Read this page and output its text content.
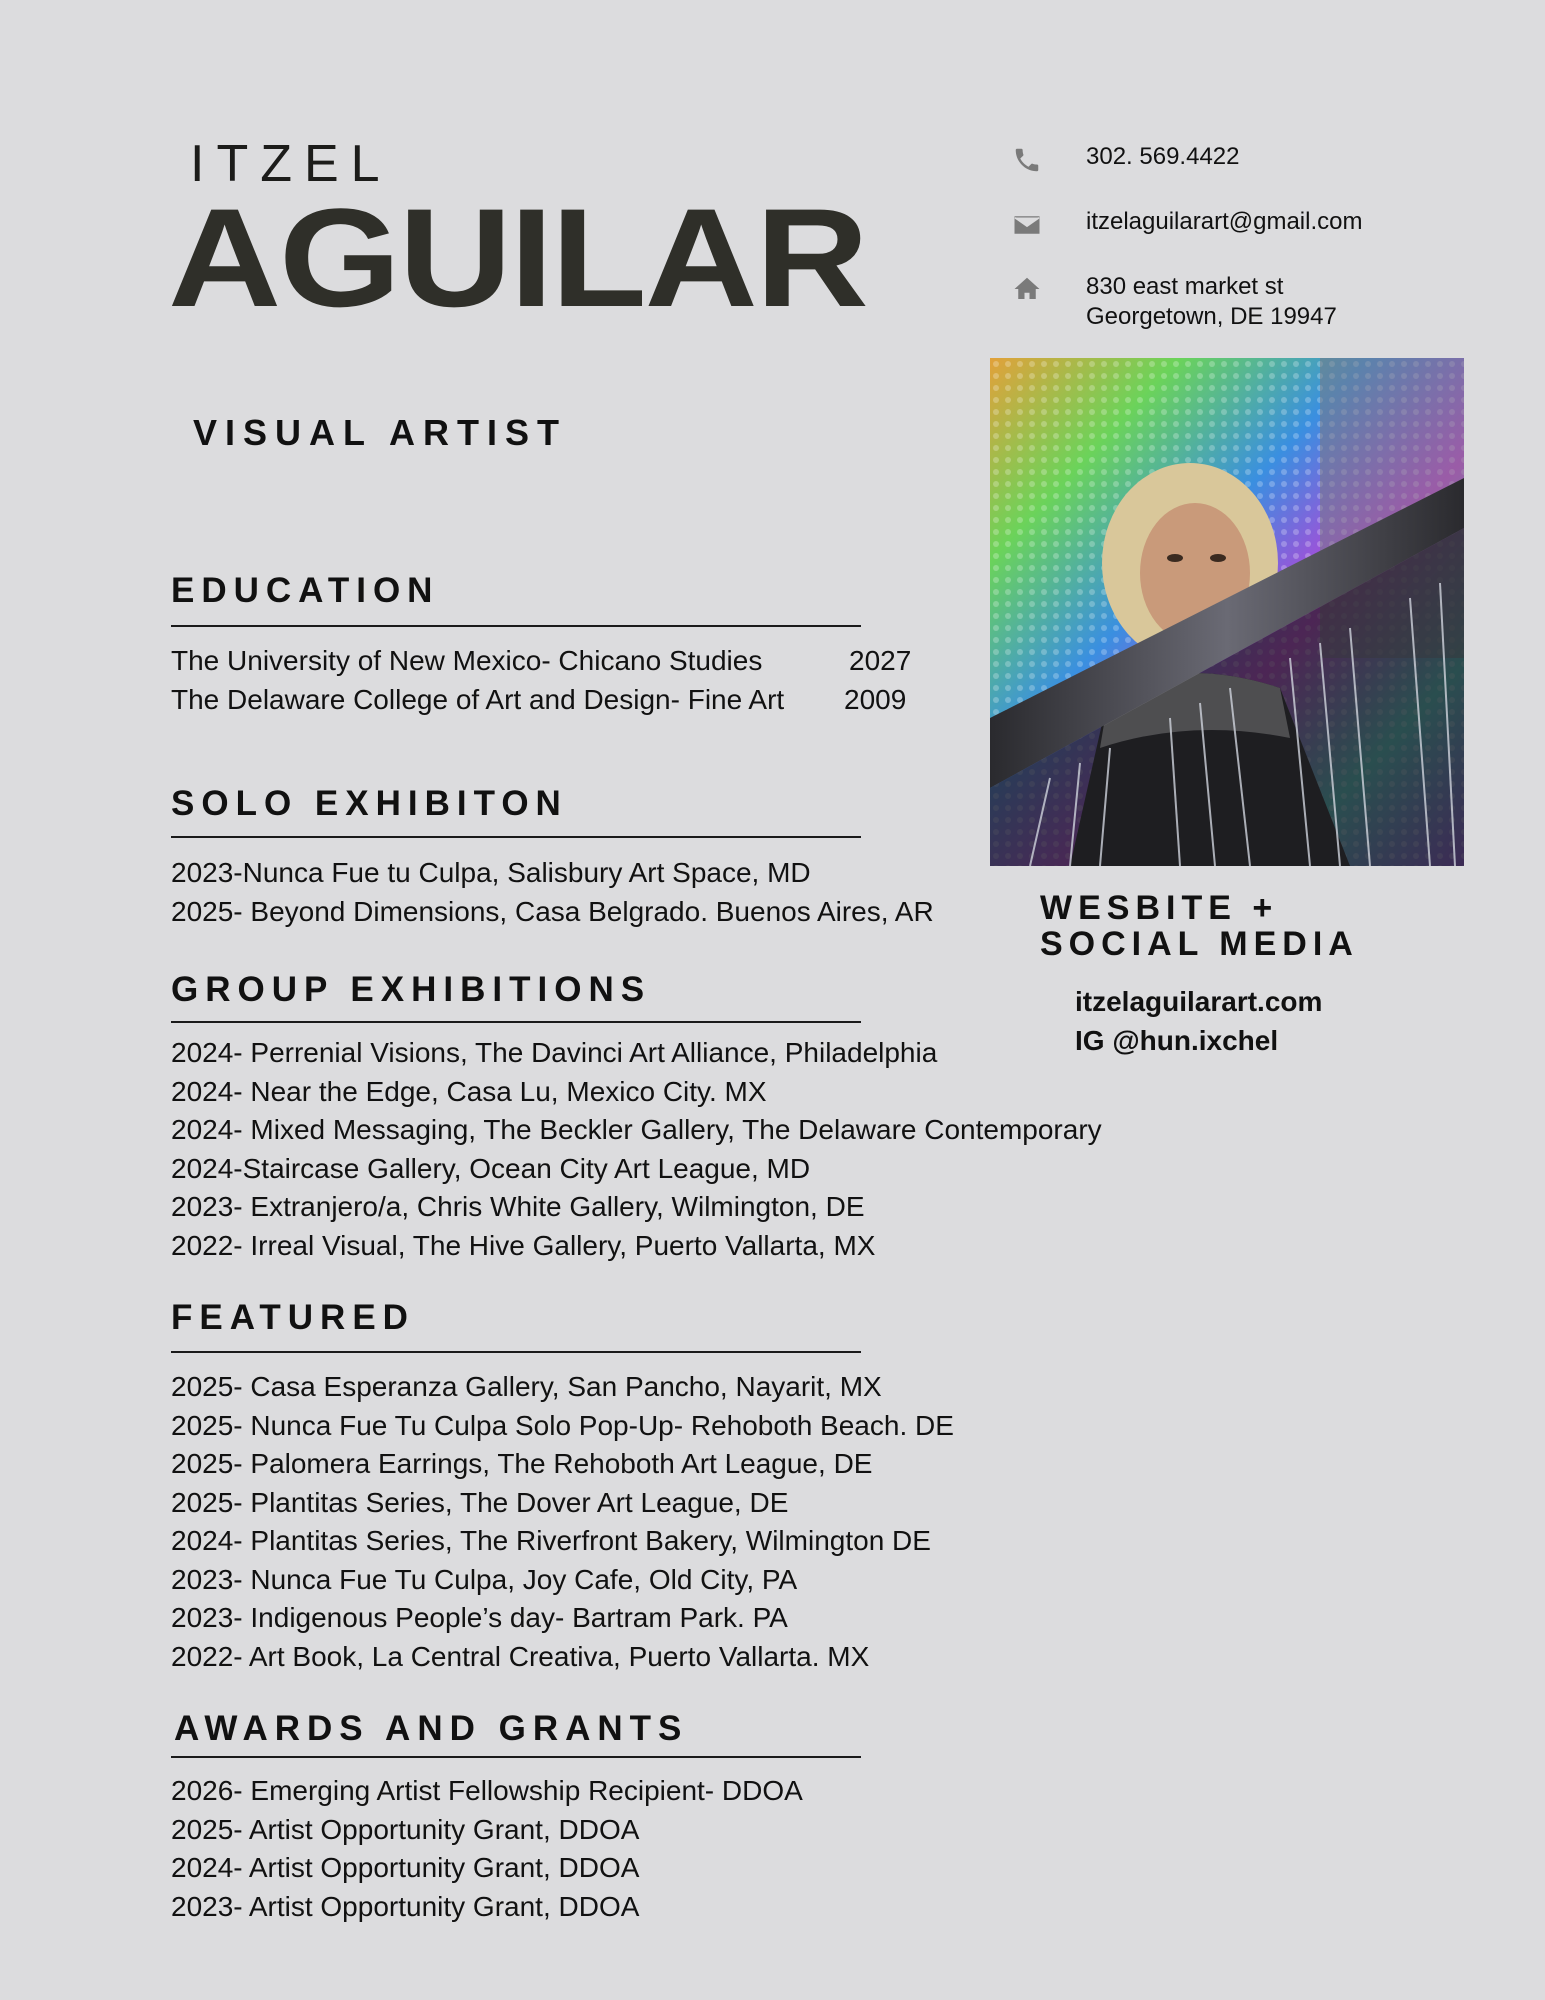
ITZEL
AGUILAR
VISUAL ARTIST
302. 569.4422
itzelaguilarart@gmail.com
830 east market st
Georgetown, DE 19947
WESBITE +
SOCIAL MEDIA
itzelaguilarart.com
IG @hun.ixchel
EDUCATION
The University of New Mexico- Chicano Studies	2027
The Delaware College of Art and Design- Fine Art 2009
SOLO EXHIBITON
2023-Nunca Fue tu Culpa, Salisbury Art Space, MD
2025- Beyond Dimensions, Casa Belgrado. Buenos Aires, AR
GROUP EXHIBITIONS
2024- Perrenial Visions, The Davinci Art Alliance, Philadelphia
2024- Near the Edge, Casa Lu, Mexico City. MX
2024- Mixed Messaging, The Beckler Gallery, The Delaware Contemporary
2024-Staircase Gallery, Ocean City Art League, MD
2023- Extranjero/a, Chris White Gallery, Wilmington, DE
2022- Irreal Visual, The Hive Gallery, Puerto Vallarta, MX
FEATURED
2025- Casa Esperanza Gallery, San Pancho, Nayarit, MX
2025- Nunca Fue Tu Culpa Solo Pop-Up- Rehoboth Beach. DE
2025- Palomera Earrings, The Rehoboth Art League, DE
2025- Plantitas Series, The Dover Art League, DE
2024- Plantitas Series, The Riverfront Bakery, Wilmington DE
2023- Nunca Fue Tu Culpa, Joy Cafe, Old City, PA
2023- Indigenous People’s day- Bartram Park. PA
2022- Art Book, La Central Creativa, Puerto Vallarta. MX
AWARDS AND GRANTS
2026- Emerging Artist Fellowship Recipient- DDOA
2025- Artist Opportunity Grant, DDOA
2024- Artist Opportunity Grant, DDOA
2023- Artist Opportunity Grant, DDOA
